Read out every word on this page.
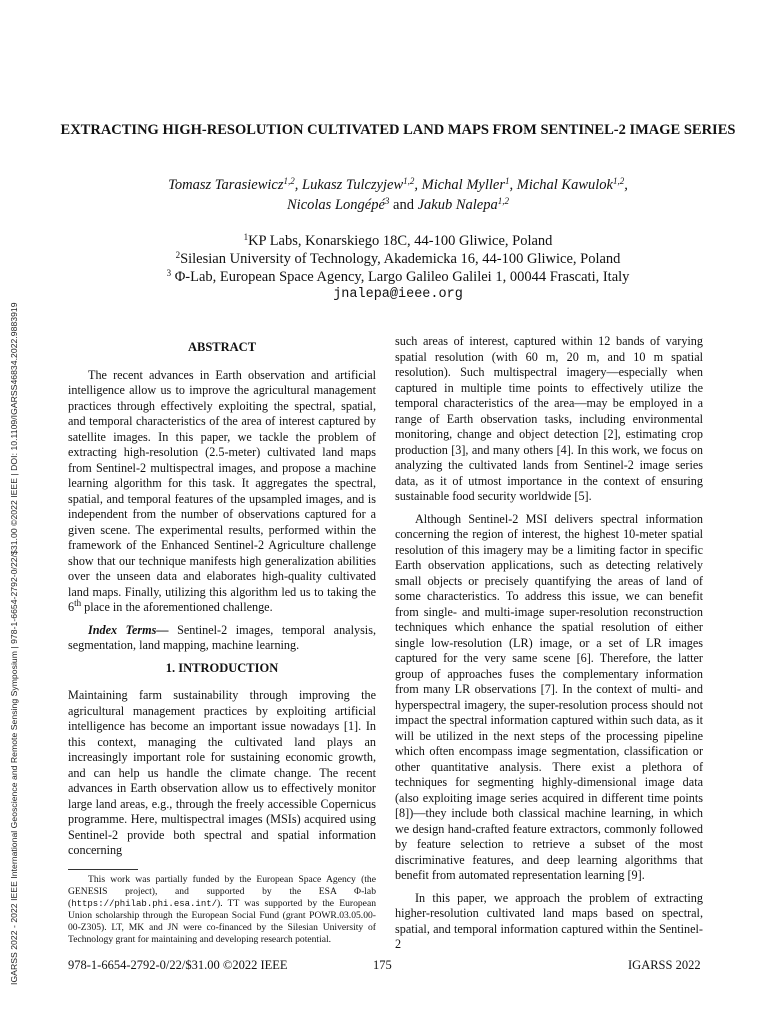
IGARSS 2022 - 2022 IEEE International Geoscience and Remote Sensing Symposium | 978-1-6654-2792-0/22/$31.00 ©2022 IEEE | DOI: 10.1109/IGARSS46834.2022.9883919
EXTRACTING HIGH-RESOLUTION CULTIVATED LAND MAPS FROM SENTINEL-2 IMAGE SERIES
Tomasz Tarasiewicz$^{1,2}$, Lukasz Tulczyjew$^{1,2}$, Michal Myller$^1$, Michal Kawulok$^{1,2}$,
Nicolas Longépé$^3$ and Jakub Nalepa$^{1,2}$
$^1$KP Labs, Konarskiego 18C, 44-100 Gliwice, Poland
$^2$Silesian University of Technology, Akademicka 16, 44-100 Gliwice, Poland
$^3$ Φ-Lab, European Space Agency, Largo Galileo Galilei 1, 00044 Frascati, Italy
jnalepa@ieee.org
ABSTRACT

The recent advances in Earth observation and artificial intelligence allow us to improve the agricultural management practices through effectively exploiting the spectral, spatial, and temporal characteristics of the area of interest captured by satellite images. In this paper, we tackle the problem of extracting high-resolution (2.5-meter) cultivated land maps from Sentinel-2 multispectral images, and propose a machine learning algorithm for this task. It aggregates the spectral, spatial, and temporal features of the upsampled images, and is independent from the number of observations captured for a given scene. The experimental results, performed within the framework of the Enhanced Sentinel-2 Agriculture challenge show that our technique manifests high generalization abilities over the unseen data and elaborates high-quality cultivated land maps. Finally, utilizing this algorithm led us to taking the 6th place in the aforementioned challenge.

Index Terms— Sentinel-2 images, temporal analysis, segmentation, land mapping, machine learning.

1. INTRODUCTION

Maintaining farm sustainability through improving the agricultural management practices by exploiting artificial intelligence has become an important issue nowadays [1]. In this context, managing the cultivated land plays an increasingly important role for sustaining economic growth, and can help us handle the climate change. The recent advances in Earth observation allow us to effectively monitor large land areas, e.g., through the freely accessible Copernicus programme. Here, multispectral images (MSIs) acquired using Sentinel-2 provide both spectral and spatial information concerning

This work was partially funded by the European Space Agency (the GENESIS project), and supported by the ESA Φ-lab (https://philab.phi.esa.int/). TT was supported by the European Union scholarship through the European Social Fund (grant POWR.03.05.00-00-Z305). LT, MK and JN were co-financed by the Silesian University of Technology grant for maintaining and developing research potential.

such areas of interest, captured within 12 bands of varying spatial resolution (with 60 m, 20 m, and 10 m spatial resolution). Such multispectral imagery—especially when captured in multiple time points to effectively utilize the temporal characteristics of the area—may be employed in a range of Earth observation tasks, including environmental monitoring, change and object detection [2], estimating crop production [3], and many others [4]. In this work, we focus on analyzing the cultivated lands from Sentinel-2 image series data, as it of utmost importance in the context of ensuring sustainable food security worldwide [5].

Although Sentinel-2 MSI delivers spectral information concerning the region of interest, the highest 10-meter spatial resolution of this imagery may be a limiting factor in specific Earth observation applications, such as detecting relatively small objects or precisely quantifying the areas of land of some characteristics. To address this issue, we can benefit from single- and multi-image super-resolution reconstruction techniques which enhance the spatial resolution of either single low-resolution (LR) image, or a set of LR images captured for the very same scene [6]. Therefore, the latter group of approaches fuses the complementary information from many LR observations [7]. In the context of multi- and hyperspectral imagery, the super-resolution process should not impact the spectral information captured within such data, as it will be utilized in the next steps of the processing pipeline which often encompass image segmentation, classification or other quantitative analysis. There exist a plethora of techniques for segmenting highly-dimensional image data (also exploiting image series acquired in different time points [8])—they include both classical machine learning, in which we design hand-crafted feature extractors, commonly followed by feature selection to retrieve a subset of the most discriminative features, and deep learning algorithms that benefit from automated representation learning [9].

In this paper, we approach the problem of extracting higher-resolution cultivated land maps based on spectral, spatial, and temporal information captured within the Sentinel-2

978-1-6654-2792-0/22/$31.00 ©2022 IEEE	175	IGARSS 2022
